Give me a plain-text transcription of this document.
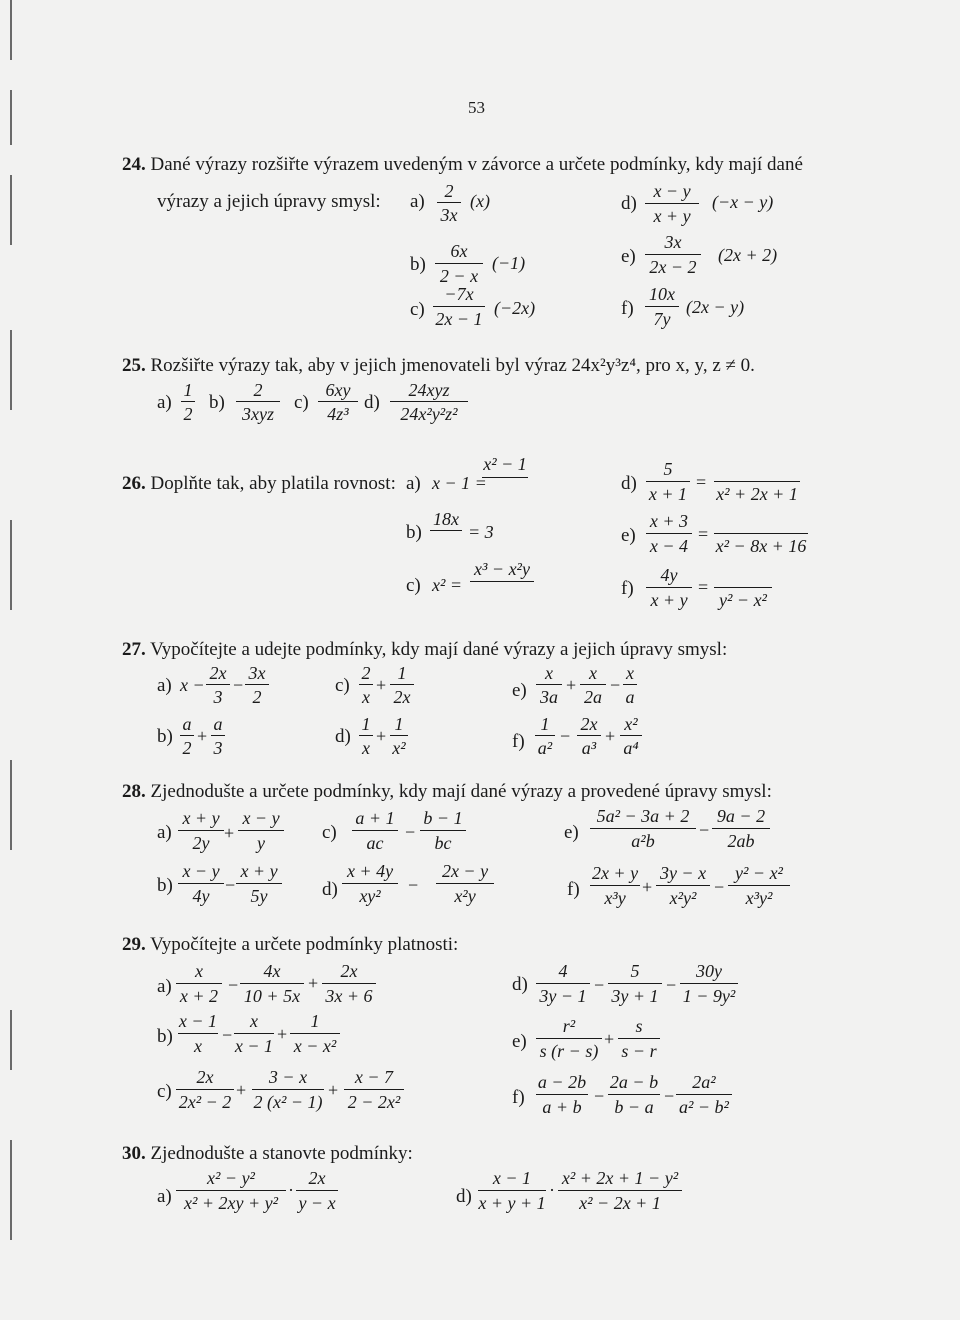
53
24. Dané výrazy rozšiřte výrazem uvedeným v závorce a určete podmínky, kdy mají dané
výrazy a jejich úpravy smysl: a)	2
3x
(x)
b)
6x
2 − x
(−1)
c)
−7x
2x − 1
(−2x)
d)
x − y
x + y
(−x − y)
e)
3x
2x − 2
(2x + 2)
f)
10x
7y
(2x − y)
25. Rozšiřte výrazy tak, aby v jejich jmenovateli byl výraz 24x²y³z⁴, pro x, y, z ≠ 0.
a)
1
2
b)
2
3xyz
c)
6xy
4z³
d)
24xyz
24x²y²z²
26. Doplňte tak, aby platila rovnost: a) x − 1 =
x² − 1
b)
18x
= 3
c) x² =
x³ − x²y
d)
5
x + 1
=
x² + 2x + 1
e)
x + 3
x − 4
=
x² − 8x + 16
f)
4y
x + y
=
y² − x²
27. Vypočítejte a udejte podmínky, kdy mají dané výrazy a jejich úpravy smysl:
a) x −
2x
3
−
3x
2
b)
a
2
+
a
3
c)
2
x
+
1
2x
d)
1
x
+
1
x²
e)
x
3a
+
x
2a
−
x
a
f)
1
a²
−
2x
a³
+
x²
a⁴
28. Zjednodušte a určete podmínky, kdy mají dané výrazy a provedené úpravy smysl:
a)
x + y
2y +
x − y
y
b)
x − y
4y
−
x + y
5y
c)
a + 1
ac
−
b − 1
bc
d)
x + 4y
xy²
−
2x − y
x²y
e)
5a² − 3a + 2
a²b
−
9a − 2
2ab
f)
2x + y
x³y
+
3y − x
x²y²
−
y² − x²
x³y²
29. Vypočítejte a určete podmínky platnosti:
a)
x
x + 2
−
4x
10 + 5x
+
2x
3x + 6
b)
x − 1
x
−
x
x − 1
+
1
x − x²
c)
2x
2x² − 2
+
3 − x
2 (x² − 1)
+
x − 7
2 − 2x²
d)
4
3y − 1
−
5
3y + 1
−
30y
1 − 9y²
e)
r²
s (r − s)
+
s
s − r
f)
a − 2b
a + b
−
2a − b
b − a
−
2a²
a² − b²
30. Zjednodušte a stanovte podmínky:
a)
x² − y²
x² + 2xy + y²
·
2x
y − x	d)
x − 1
x + y + 1
·
x² + 2x + 1 − y²
x² − 2x + 1
